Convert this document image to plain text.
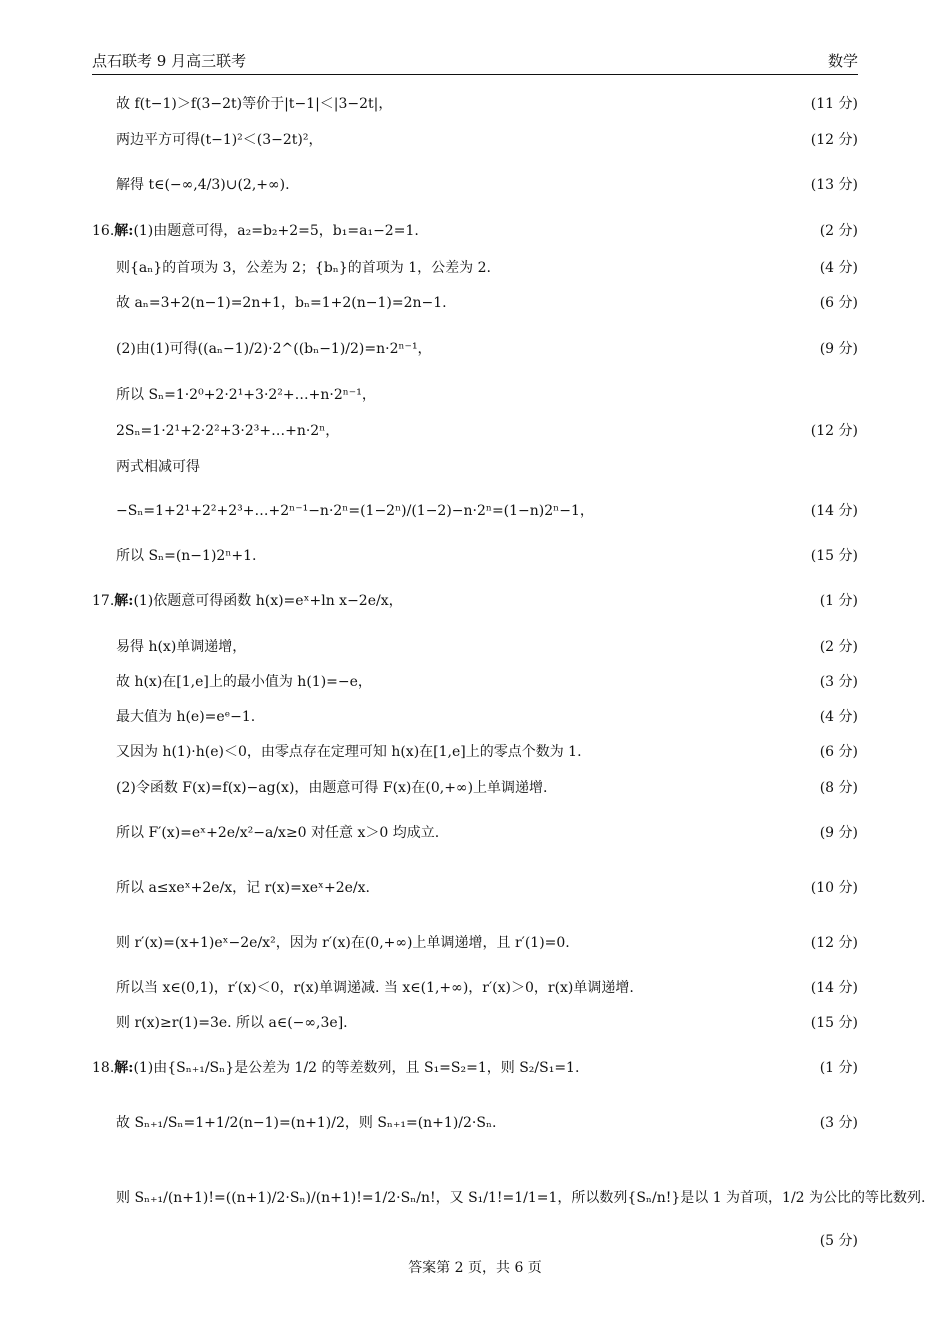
点石联考 9 月高三联考	数学
故 f(t−1)＞f(3−2t)等价于|t−1|＜|3−2t|，	(11 分)
两边平方可得(t−1)²＜(3−2t)²，	(12 分)
解得 t∈(−∞,4/3)∪(2,+∞).	(13 分)
16.解:(1)由题意可得，a₂=b₂+2=5，b₁=a₁−2=1.	(2 分)
则{aₙ}的首项为 3，公差为 2；{bₙ}的首项为 1，公差为 2.	(4 分)
故 aₙ=3+2(n−1)=2n+1，bₙ=1+2(n−1)=2n−1.	(6 分)
(2)由(1)可得((aₙ−1)/2)·2^((bₙ−1)/2)=n·2ⁿ⁻¹，	(9 分)
所以 Sₙ=1·2⁰+2·2¹+3·2²+…+n·2ⁿ⁻¹，
2Sₙ=1·2¹+2·2²+3·2³+…+n·2ⁿ，	(12 分)
两式相减可得
−Sₙ=1+2¹+2²+2³+…+2ⁿ⁻¹−n·2ⁿ=(1−2ⁿ)/(1−2)−n·2ⁿ=(1−n)2ⁿ−1，	(14 分)
所以 Sₙ=(n−1)2ⁿ+1.	(15 分)
17.解:(1)依题意可得函数 h(x)=eˣ+ln x−2e/x，	(1 分)
易得 h(x)单调递增，	(2 分)
故 h(x)在[1,e]上的最小值为 h(1)=−e，	(3 分)
最大值为 h(e)=eᵉ−1.	(4 分)
又因为 h(1)·h(e)＜0，由零点存在定理可知 h(x)在[1,e]上的零点个数为 1.	(6 分)
(2)令函数 F(x)=f(x)−ag(x)，由题意可得 F(x)在(0,+∞)上单调递增.	(8 分)
所以 F′(x)=eˣ+2e/x²−a/x≥0 对任意 x＞0 均成立.	(9 分)
所以 a≤xeˣ+2e/x，记 r(x)=xeˣ+2e/x.	(10 分)
则 r′(x)=(x+1)eˣ−2e/x²，因为 r′(x)在(0,+∞)上单调递增，且 r′(1)=0.	(12 分)
所以当 x∈(0,1)，r′(x)＜0，r(x)单调递减. 当 x∈(1,+∞)，r′(x)＞0，r(x)单调递增.	(14 分)
则 r(x)≥r(1)=3e. 所以 a∈(−∞,3e].	(15 分)
18.解:(1)由{Sₙ₊₁/Sₙ}是公差为 1/2 的等差数列，且 S₁=S₂=1，则 S₂/S₁=1.	(1 分)
故 Sₙ₊₁/Sₙ=1+1/2(n−1)=(n+1)/2，则 Sₙ₊₁=(n+1)/2·Sₙ.	(3 分)
则 Sₙ₊₁/(n+1)!=((n+1)/2·Sₙ)/(n+1)!=1/2·Sₙ/n!，又 S₁/1!=1/1=1，所以数列{Sₙ/n!}是以 1 为首项，1/2 为公比的等比数列.
(5 分)
答案第 2 页，共 6 页
